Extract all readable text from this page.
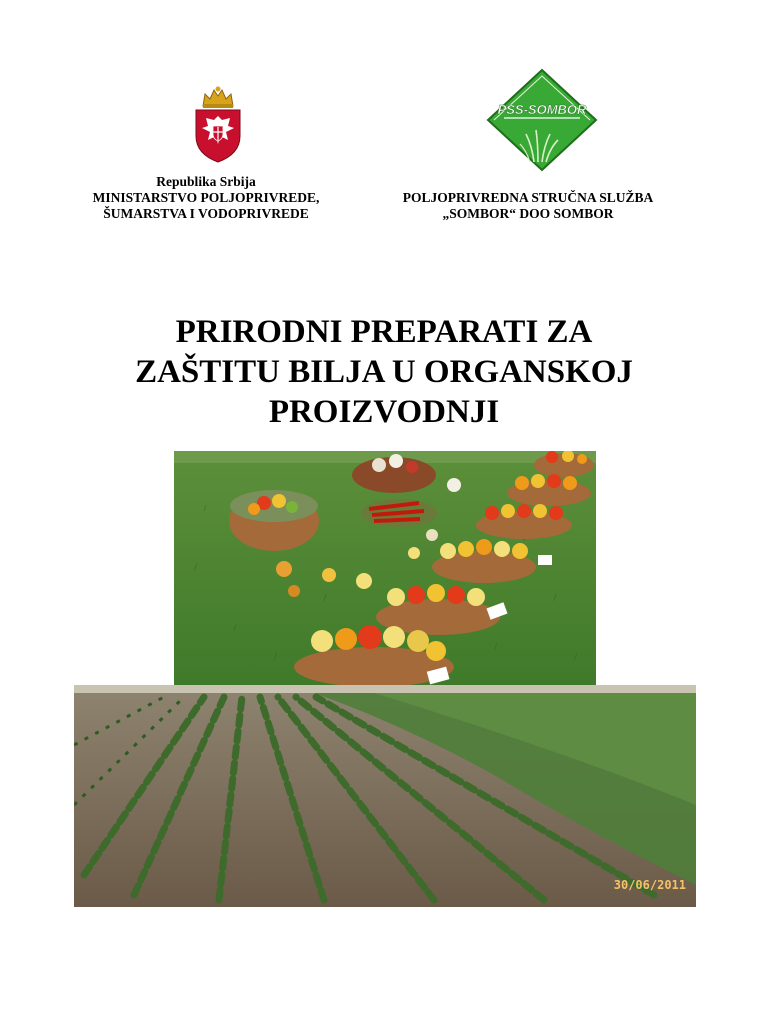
PSS-SOMBOR
Republika Srbija
MINISTARSTVO POLJOPRIVREDE,
ŠUMARSTVA I VODOPRIVREDE
POLJOPRIVREDNA STRUČNA SLUŽBA
„SOMBOR“ DOO SOMBOR
PRIRODNI PREPARATI ZA
ZAŠTITU BILJA U ORGANSKOJ
PROIZVODNJI
30/06/2011
